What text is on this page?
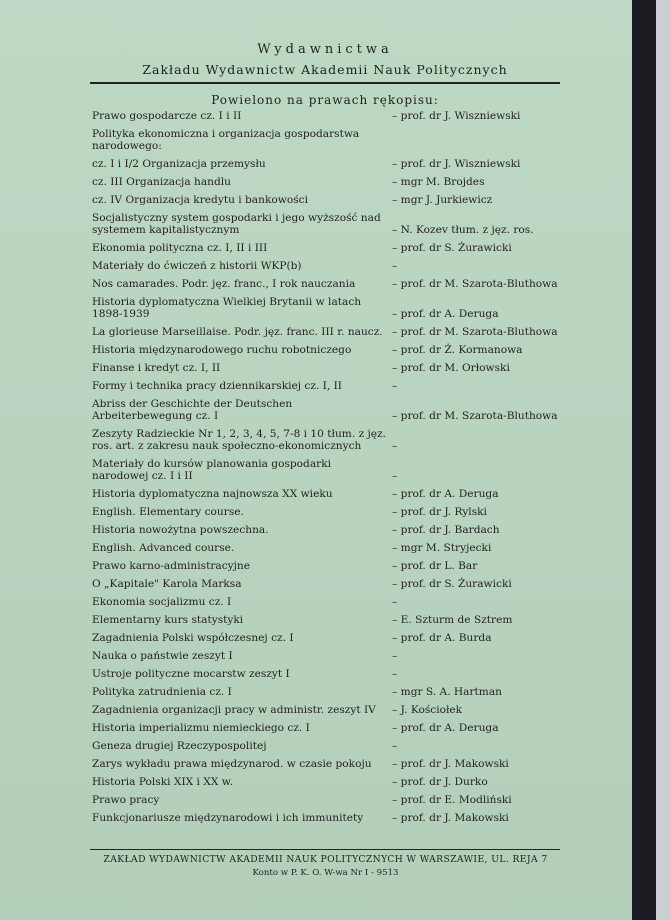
Wydawnictwa
Zakładu Wydawnictw Akademii Nauk Politycznych
Powielono na prawach rękopisu:
Prawo gospodarcze cz. I i II	– prof. dr J. Wiszniewski
Polityka ekonomiczna i organizacja gospodarstwa narodowego:
cz. I i I/2 Organizacja przemysłu	– prof. dr J. Wiszniewski
cz. III Organizacja handlu	– mgr M. Brojdes
cz. IV Organizacja kredytu i bankowości	– mgr J. Jurkiewicz
Socjalistyczny system gospodarki i jego wyższość nad systemem kapitalistycznym	– N. Kozev tłum. z jęz. ros.
Ekonomia polityczna cz. I, II i III	– prof. dr S. Żurawicki
Materiały do ćwiczeń z historii WKP(b)	–
Nos camarades. Podr. jęz. franc., I rok nauczania	– prof. dr M. Szarota-Bluthowa
Historia dyplomatyczna Wielkiej Brytanii w latach 1898-1939	– prof. dr A. Deruga
La glorieuse Marseillaise. Podr. jęz. franc. III r. naucz. – prof. dr M. Szarota-Bluthowa
Historia międzynarodowego ruchu robotniczego	– prof. dr Ż. Kormanowa
Finanse i kredyt cz. I, II	– prof. dr M. Orłowski
Formy i technika pracy dziennikarskiej cz. I, II	–
Abriss der Geschichte der Deutschen Arbeiterbewegung cz. I	– prof. dr M. Szarota-Bluthowa
Zeszyty Radzieckie Nr 1, 2, 3, 4, 5, 7-8 i 10 tłum. z jęz. ros. art. z zakresu nauk społeczno-ekonomicznych	–
Materiały do kursów planowania gospodarki narodowej cz. I i II	–
Historia dyplomatyczna najnowsza XX wieku	– prof. dr A. Deruga
English. Elementary course.	– prof. dr J. Rylski
Historia nowożytna powszechna.	– prof. dr J. Bardach
English. Advanced course.	– mgr M. Stryjecki
Prawo karno-administracyjne	– prof. dr L. Bar
O „Kapitale" Karola Marksa	– prof. dr S. Żurawicki
Ekonomia socjalizmu cz. I	–
Elementarny kurs statystyki	– E. Szturm de Sztrem
Zagadnienia Polski współczesnej cz. I	– prof. dr A. Burda
Nauka o państwie zeszyt I	–
Ustroje polityczne mocarstw zeszyt I	–
Polityka zatrudnienia cz. I	– mgr S. A. Hartman
Zagadnienia organizacji pracy w administr. zeszyt IV	– J. Kościołek
Historia imperializmu niemieckiego cz. I	– prof. dr A. Deruga
Geneza drugiej Rzeczypospolitej	–
Zarys wykładu prawa międzynarod. w czasie pokoju	– prof. dr J. Makowski
Historia Polski XIX i XX w.	– prof. dr J. Durko
Prawo pracy	– prof. dr E. Modliński
Funkcjonariusze międzynarodowi i ich immunitety	– prof. dr J. Makowski
ZAKŁAD WYDAWNICTW AKADEMII NAUK POLITYCZNYCH W WARSZAWIE, UL. REJA 7
Konto w P. K. O. W-wa Nr I - 9513
